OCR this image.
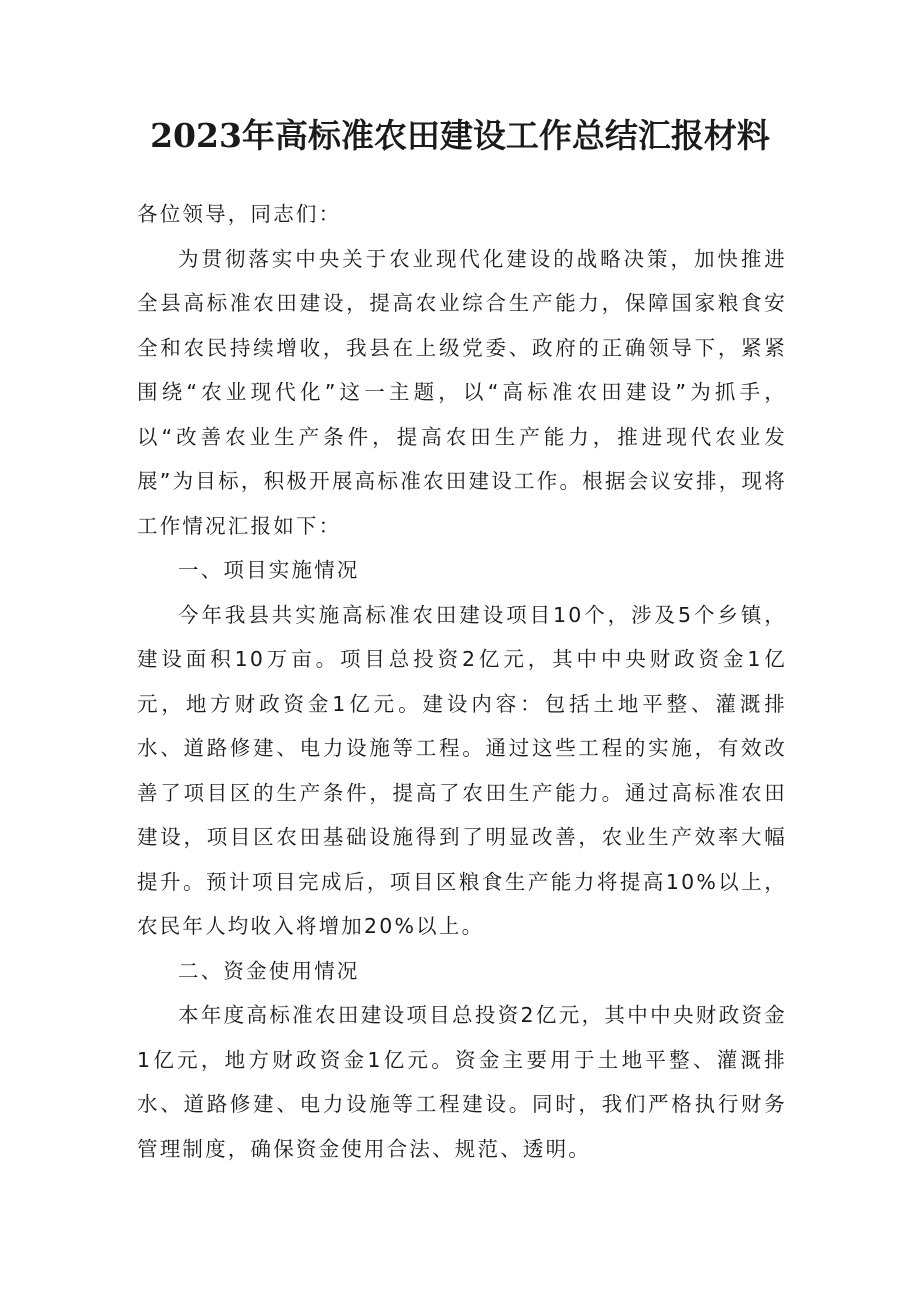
2023年高标准农田建设工作总结汇报材料

各位领导，同志们：

为贯彻落实中央关于农业现代化建设的战略决策，加快推进全县高标准农田建设，提高农业综合生产能力，保障国家粮食安全和农民持续增收，我县在上级党委、政府的正确领导下，紧紧围绕“农业现代化”这一主题，以“高标准农田建设”为抓手，以“改善农业生产条件，提高农田生产能力，推进现代农业发展”为目标，积极开展高标准农田建设工作。根据会议安排，现将工作情况汇报如下：

一、项目实施情况

今年我县共实施高标准农田建设项目10个，涉及5个乡镇，建设面积10万亩。项目总投资2亿元，其中中央财政资金1亿元，地方财政资金1亿元。建设内容：包括土地平整、灌溉排水、道路修建、电力设施等工程。通过这些工程的实施，有效改善了项目区的生产条件，提高了农田生产能力。通过高标准农田建设，项目区农田基础设施得到了明显改善，农业生产效率大幅提升。预计项目完成后，项目区粮食生产能力将提高10%以上，农民年人均收入将增加20%以上。

二、资金使用情况

本年度高标准农田建设项目总投资2亿元，其中中央财政资金1亿元，地方财政资金1亿元。资金主要用于土地平整、灌溉排水、道路修建、电力设施等工程建设。同时，我们严格执行财务管理制度，确保资金使用合法、规范、透明。
